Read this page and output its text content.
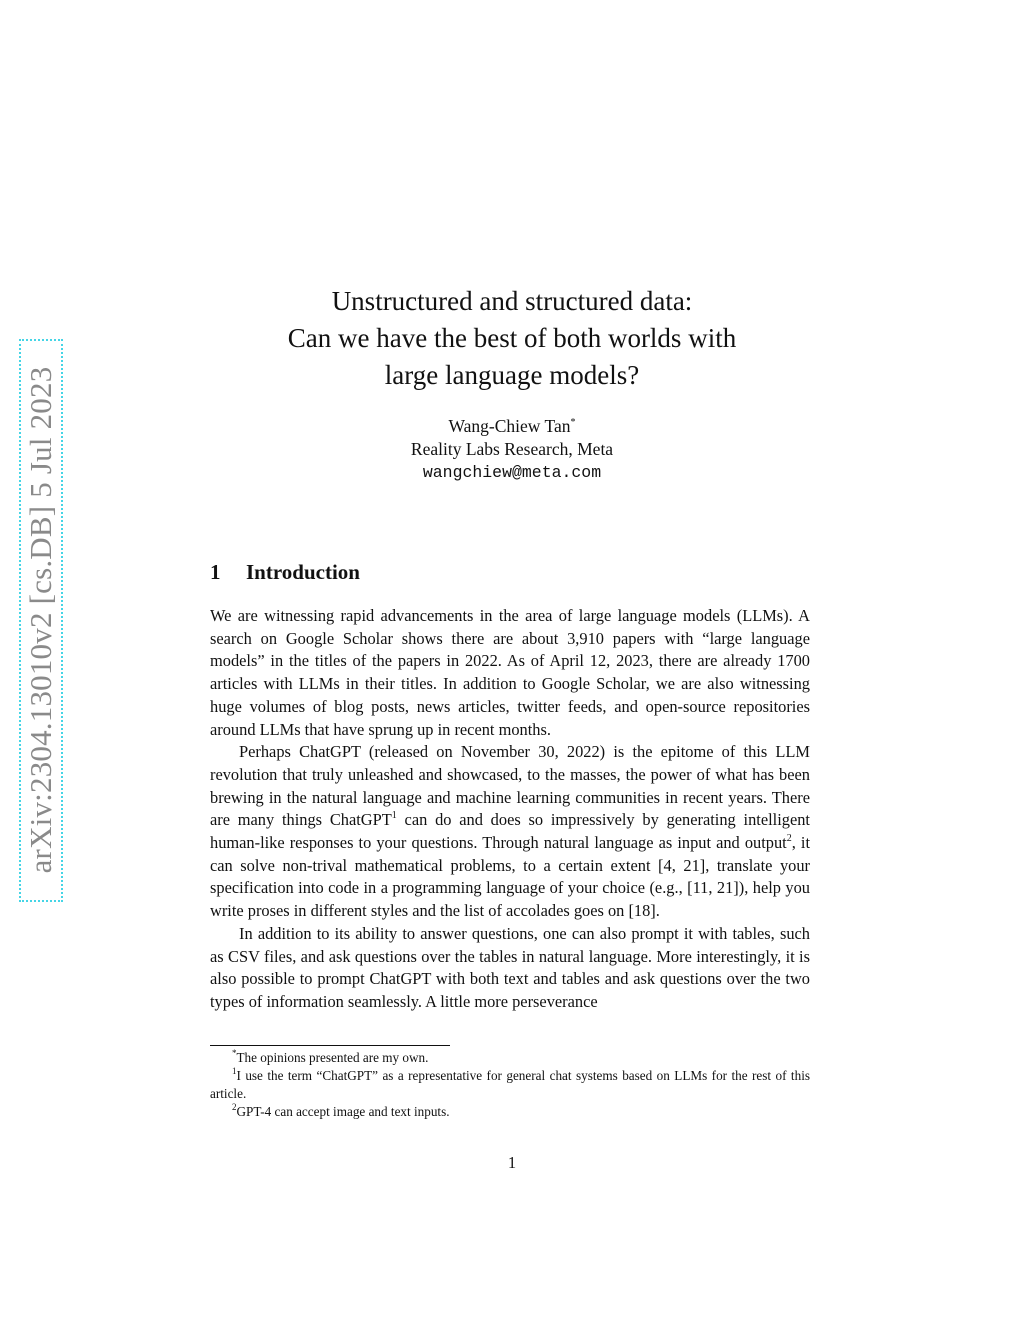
arXiv:2304.13010v2 [cs.DB] 5 Jul 2023
Unstructured and structured data:
Can we have the best of both worlds with
large language models?
Wang-Chiew Tan*
Reality Labs Research, Meta
wangchiew@meta.com
1 Introduction

We are witnessing rapid advancements in the area of large language models (LLMs). A search on Google Scholar shows there are about 3,910 papers with “large language models” in the titles of the papers in 2022. As of April 12, 2023, there are already 1700 articles with LLMs in their titles. In addition to Google Scholar, we are also witnessing huge volumes of blog posts, news articles, twitter feeds, and open-source repositories around LLMs that have sprung up in recent months.

Perhaps ChatGPT (released on November 30, 2022) is the epitome of this LLM revolution that truly unleashed and showcased, to the masses, the power of what has been brewing in the natural language and machine learning communities in recent years. There are many things ChatGPT$^1$ can do and does so impressively by generating intelligent human-like responses to your questions. Through natural language as input and output$^2$, it can solve non-trival mathematical problems, to a certain extent [4, 21], translate your specification into code in a programming language of your choice (e.g., [11, 21]), help you write proses in different styles and the list of accolades goes on [18].

In addition to its ability to answer questions, one can also prompt it with tables, such as CSV files, and ask questions over the tables in natural language. More interestingly, it is also possible to prompt ChatGPT with both text and tables and ask questions over the two types of information seamlessly. A little more perseverance

*The opinions presented are my own.

$^1$I use the term “ChatGPT” as a representative for general chat systems based on LLMs for the rest of this article.

$^2$GPT-4 can accept image and text inputs.

1
